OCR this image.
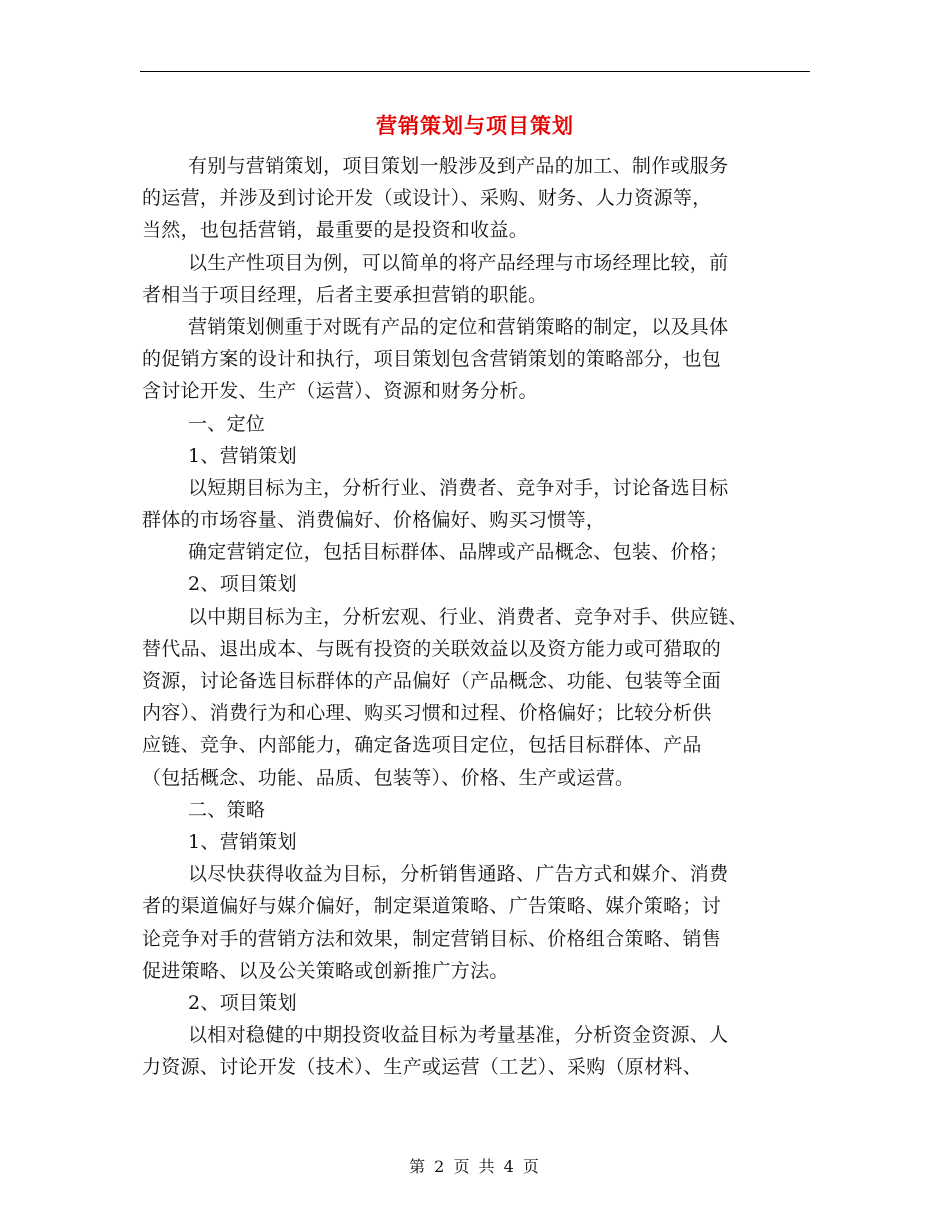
营销策划与项目策划
有别与营销策划，项目策划一般涉及到产品的加工、制作或服务
的运营，并涉及到讨论开发（或设计）、采购、财务、人力资源等，
当然，也包括营销，最重要的是投资和收益。
以生产性项目为例，可以简单的将产品经理与市场经理比较，前
者相当于项目经理，后者主要承担营销的职能。
营销策划侧重于对既有产品的定位和营销策略的制定，以及具体
的促销方案的设计和执行，项目策划包含营销策划的策略部分，也包
含讨论开发、生产（运营）、资源和财务分析。
一、定位
1、营销策划
以短期目标为主，分析行业、消费者、竞争对手，讨论备选目标
群体的市场容量、消费偏好、价格偏好、购买习惯等，
确定营销定位，包括目标群体、品牌或产品概念、包装、价格；
2、项目策划
以中期目标为主，分析宏观、行业、消费者、竞争对手、供应链、
替代品、退出成本、与既有投资的关联效益以及资方能力或可猎取的
资源，讨论备选目标群体的产品偏好（产品概念、功能、包装等全面
内容）、消费行为和心理、购买习惯和过程、价格偏好；比较分析供
应链、竞争、内部能力，确定备选项目定位，包括目标群体、产品
（包括概念、功能、品质、包装等）、价格、生产或运营。
二、策略
1、营销策划
以尽快获得收益为目标，分析销售通路、广告方式和媒介、消费
者的渠道偏好与媒介偏好，制定渠道策略、广告策略、媒介策略；讨
论竞争对手的营销方法和效果，制定营销目标、价格组合策略、销售
促进策略、以及公关策略或创新推广方法。
2、项目策划
以相对稳健的中期投资收益目标为考量基准，分析资金资源、人
力资源、讨论开发（技术）、生产或运营（工艺）、采购（原材料、
第 2 页 共 4 页
